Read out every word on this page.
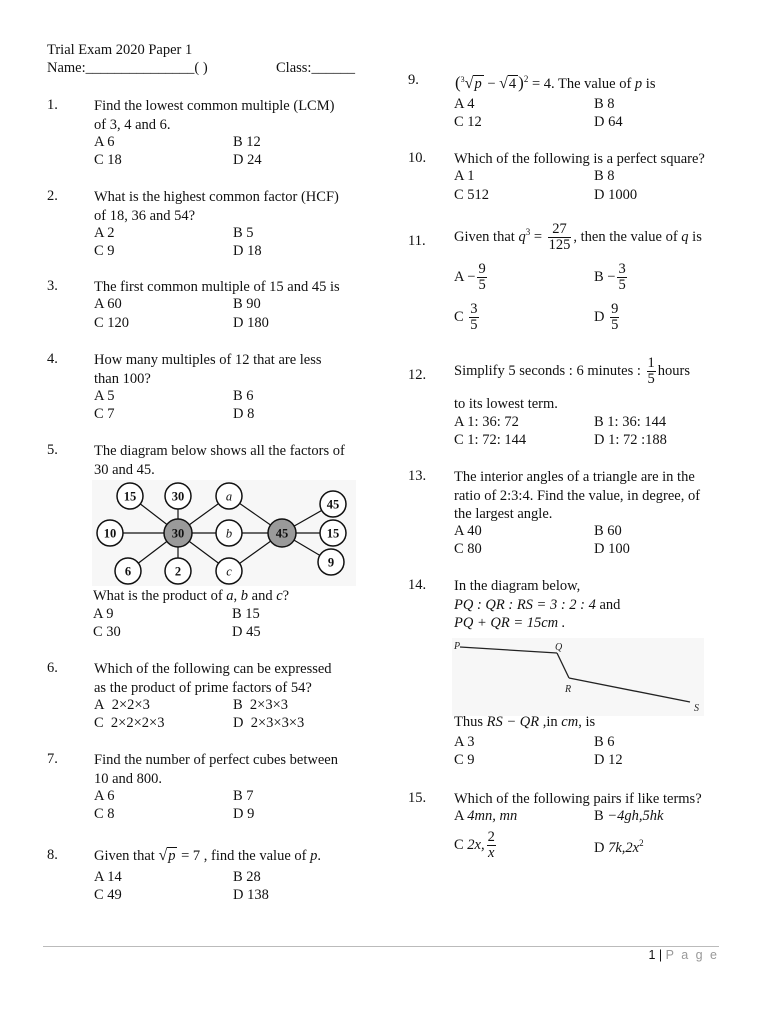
Trial Exam 2020 Paper 1
Name:_______________( )	Class:______
1. Find the lowest common multiple (LCM)
of 3, 4 and 6.
A 6	B 12
C 18	D 24
2. What is the highest common factor (HCF)
of 18, 36 and 54?
A 2	B 5
C 9	D 18
3. The first common multiple of 15 and 45 is
A 60	B 90
C 120	D 180
4. How many multiples of 12 that are less
than 100?
A 5	B 6
C 7	D 8
5. The diagram below shows all the factors of
30 and 45.
15	30	a
10	30	b	45
45
15
6	2	c
9
What is the product of a, b and c?
A 9	B 15
C 30	D 45
6. Which of the following can be expressed
as the product of prime factors of 54?
A 2×2×3	B 2×3×3
C 2×2×2×3	D 2×3×3×3
7. Find the number of perfect cubes between
10 and 800.
A 6	B 7
C 8	D 9
8. Given that √p = 7 , find the value of p.
A 14	B 28
C 49	D 138
9. ($^3$√p − √4 )$^2$ = 4. The value of p is
A 4	B 8
C 12	D 64
10. Which of the following is a perfect square?
A 1	B 8
C 512	D 1000
11. Given that $q^3 = \frac{27}{125}$ , then the value of q is
$A - \frac{9}{5}$	$B - \frac{3}{5}$
C $\frac{3}{5}$	D $\frac{9}{5}$
12. Simplify 5 seconds : 6 minutes : $\frac{1}{5}$ hours
to its lowest term.
A 1: 36: 72	B 1: 36: 144
C 1: 72: 144	D 1: 72 :188
13. The interior angles of a triangle are in the
ratio of 2:3:4. Find the value, in degree, of
the largest angle.
A 40	B 60
C 80	D 100
14. In the diagram below,
PQ : QR : RS = 3 : 2 : 4 and
PQ + QR = 15cm .
P	Q
R
S
Thus RS − QR ,in cm, is
A 3	B 6
C 9	D 12
15. Which of the following pairs if like terms?
A 4mn, mn	B −4gh,5hk
C 2x, $\frac{2}{x}$	D $7k,2x^2$
1 | P a g e
